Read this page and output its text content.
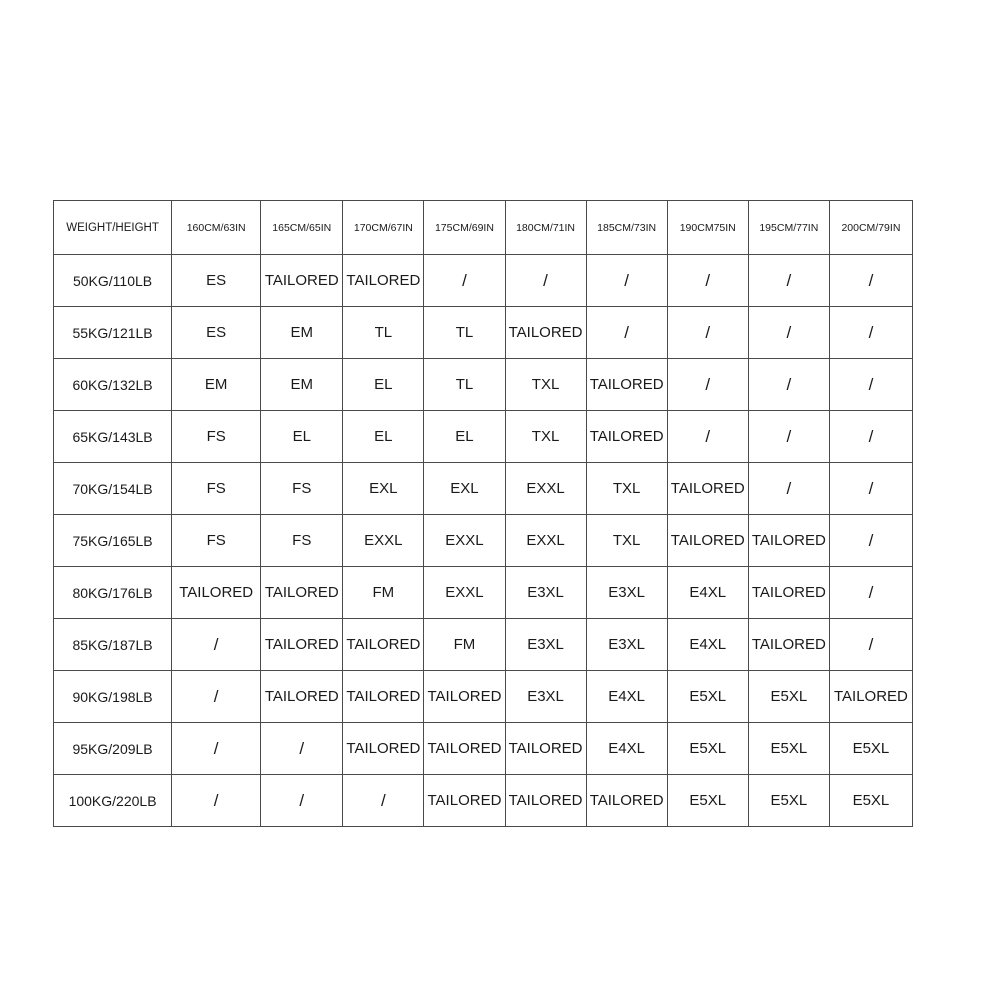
WEIGHT/HEIGHT	160CM/63IN	165CM/65IN	170CM/67IN	175CM/69IN	180CM/71IN	185CM/73IN	190CM75IN	195CM/77IN	200CM/79IN
50KG/110LB	ES	TAILORED	TAILORED	/	/	/	/	/	/
55KG/121LB	ES	EM	TL	TL	TAILORED	/	/	/	/
60KG/132LB	EM	EM	EL	TL	TXL	TAILORED	/	/	/
65KG/143LB	FS	EL	EL	EL	TXL	TAILORED	/	/	/
70KG/154LB	FS	FS	EXL	EXL	EXXL	TXL	TAILORED	/	/
75KG/165LB	FS	FS	EXXL	EXXL	EXXL	TXL	TAILORED	TAILORED	/
80KG/176LB	TAILORED	TAILORED	FM	EXXL	E3XL	E3XL	E4XL	TAILORED	/
85KG/187LB	/	TAILORED	TAILORED	FM	E3XL	E3XL	E4XL	TAILORED	/
90KG/198LB	/	TAILORED	TAILORED	TAILORED	E3XL	E4XL	E5XL	E5XL	TAILORED
95KG/209LB	/	/	TAILORED	TAILORED	TAILORED	E4XL	E5XL	E5XL	E5XL
100KG/220LB	/	/	/	TAILORED	TAILORED	TAILORED	E5XL	E5XL	E5XL
